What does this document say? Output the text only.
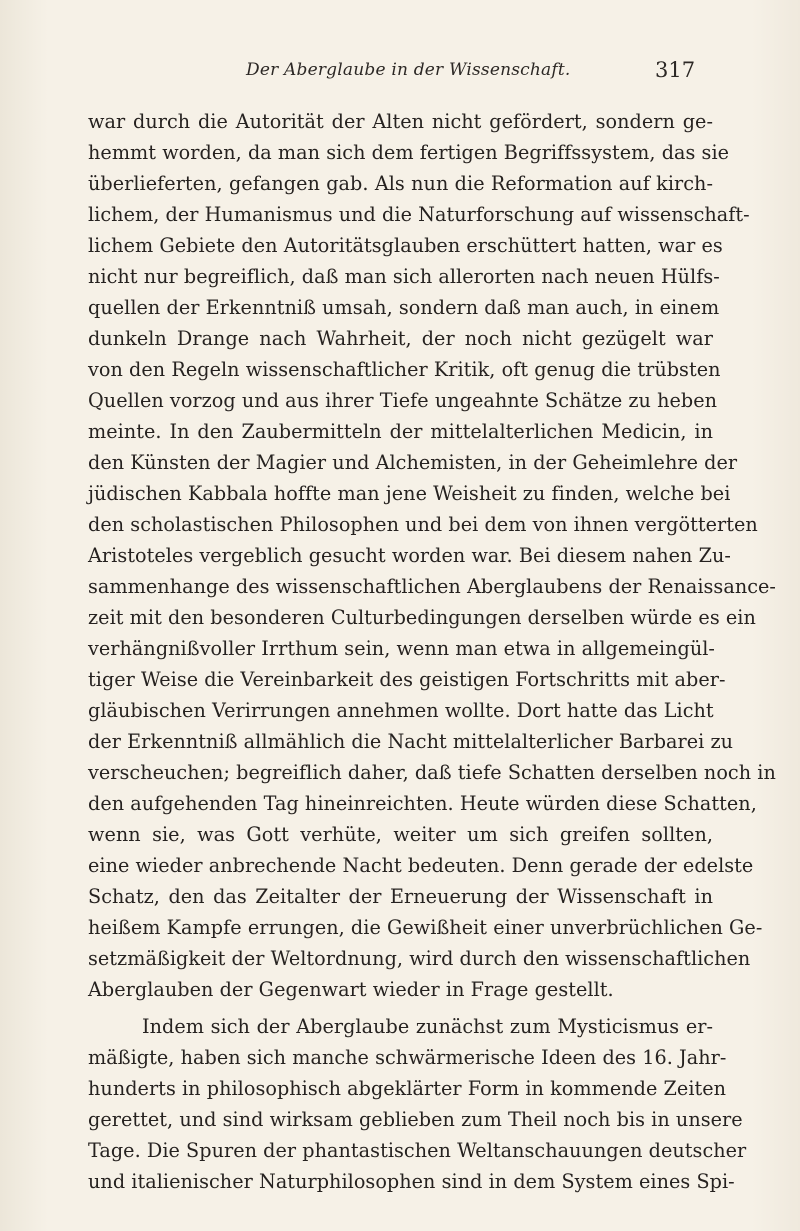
Der Aberglaube in der Wissenschaft.	317
war durch die Autorität der Alten nicht gefördert, sondern ge-
hemmt worden, da man sich dem fertigen Begriffssystem, das sie
überlieferten, gefangen gab. Als nun die Reformation auf kirch-
lichem, der Humanismus und die Naturforschung auf wissenschaft-
lichem Gebiete den Autoritätsglauben erschüttert hatten, war es
nicht nur begreiflich, daß man sich allerorten nach neuen Hülfs-
quellen der Erkenntniß umsah, sondern daß man auch, in einem
dunkeln Drange nach Wahrheit, der noch nicht gezügelt war
von den Regeln wissenschaftlicher Kritik, oft genug die trübsten
Quellen vorzog und aus ihrer Tiefe ungeahnte Schätze zu heben
meinte. In den Zaubermitteln der mittelalterlichen Medicin, in
den Künsten der Magier und Alchemisten, in der Geheimlehre der
jüdischen Kabbala hoffte man jene Weisheit zu finden, welche bei
den scholastischen Philosophen und bei dem von ihnen vergötterten
Aristoteles vergeblich gesucht worden war. Bei diesem nahen Zu-
sammenhange des wissenschaftlichen Aberglaubens der Renaissance-
zeit mit den besonderen Culturbedingungen derselben würde es ein
verhängnißvoller Irrthum sein, wenn man etwa in allgemeingül-
tiger Weise die Vereinbarkeit des geistigen Fortschritts mit aber-
gläubischen Verirrungen annehmen wollte. Dort hatte das Licht
der Erkenntniß allmählich die Nacht mittelalterlicher Barbarei zu
verscheuchen; begreiflich daher, daß tiefe Schatten derselben noch in
den aufgehenden Tag hineinreichten. Heute würden diese Schatten,
wenn sie, was Gott verhüte, weiter um sich greifen sollten,
eine wieder anbrechende Nacht bedeuten. Denn gerade der edelste
Schatz, den das Zeitalter der Erneuerung der Wissenschaft in
heißem Kampfe errungen, die Gewißheit einer unverbrüchlichen Ge-
setzmäßigkeit der Weltordnung, wird durch den wissenschaftlichen
Aberglauben der Gegenwart wieder in Frage gestellt.
Indem sich der Aberglaube zunächst zum Mysticismus er-
mäßigte, haben sich manche schwärmerische Ideen des 16. Jahr-
hunderts in philosophisch abgeklärter Form in kommende Zeiten
gerettet, und sind wirksam geblieben zum Theil noch bis in unsere
Tage. Die Spuren der phantastischen Weltanschauungen deutscher
und italienischer Naturphilosophen sind in dem System eines Spi-
